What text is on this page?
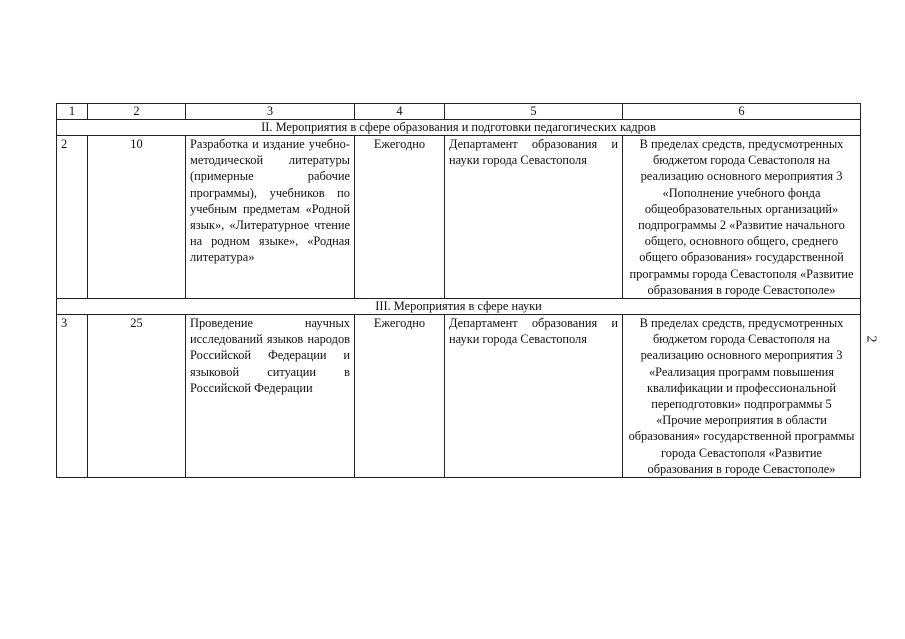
1	2	3	4	5	6
II. Мероприятия в сфере образования и подготовки педагогических кадров					
2	10	Разработка и издание учебно-методической литературы (примерные рабочие программы), учебников по учебным предметам «Родной язык», «Литературное чтение на родном языке», «Родная литература»	Ежегодно	Департамент образования и науки города Севастополя	В пределах средств, предусмотренных бюджетом города Севастополя на реализацию основного мероприятия 3 «Пополнение учебного фонда общеобразовательных организаций» подпрограммы 2 «Развитие начального общего, основного общего, среднего общего образования» государственной программы города Севастополя «Развитие образования в городе Севастополе»
III. Мероприятия в сфере науки					
3	25	Проведение научных исследований языков народов Российской Федерации и языковой ситуации в Российской Федерации	Ежегодно	Департамент образования и науки города Севастополя	В пределах средств, предусмотренных бюджетом города Севастополя на реализацию основного мероприятия 3 «Реализация программ повышения квалификации и профессиональной переподготовки» подпрограммы 5 «Прочие мероприятия в области образования» государственной программы города Севастополя «Развитие образования в городе Севастополе»
2
